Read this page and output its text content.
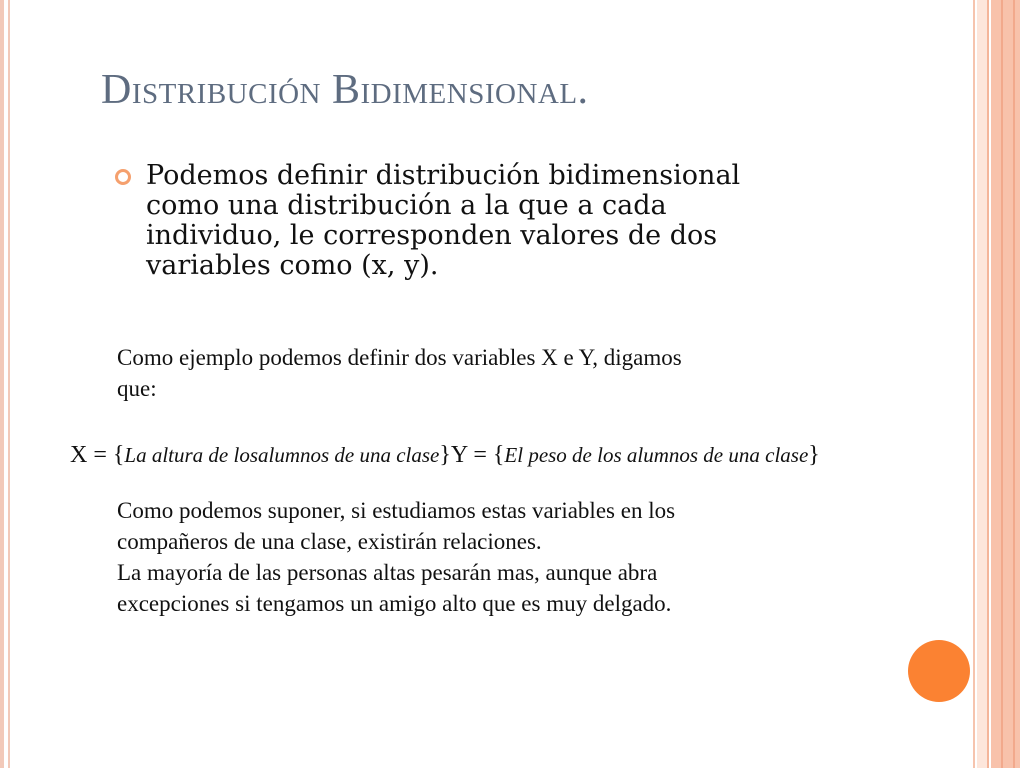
Distribución Bidimensional.

Podemos definir distribución bidimensional
como una distribución a la que a cada
individuo, le corresponden valores de dos
variables como (x, y).

Como ejemplo podemos definir dos variables X e Y, digamos
que:

X = {La altura de losalumnos de una clase}Y = {El peso de los alumnos de una clase}

Como podemos suponer, si estudiamos estas variables en los
compañeros de una clase, existirán relaciones.
La mayoría de las personas altas pesarán mas, aunque abra
excepciones si tengamos un amigo alto que es muy delgado.
